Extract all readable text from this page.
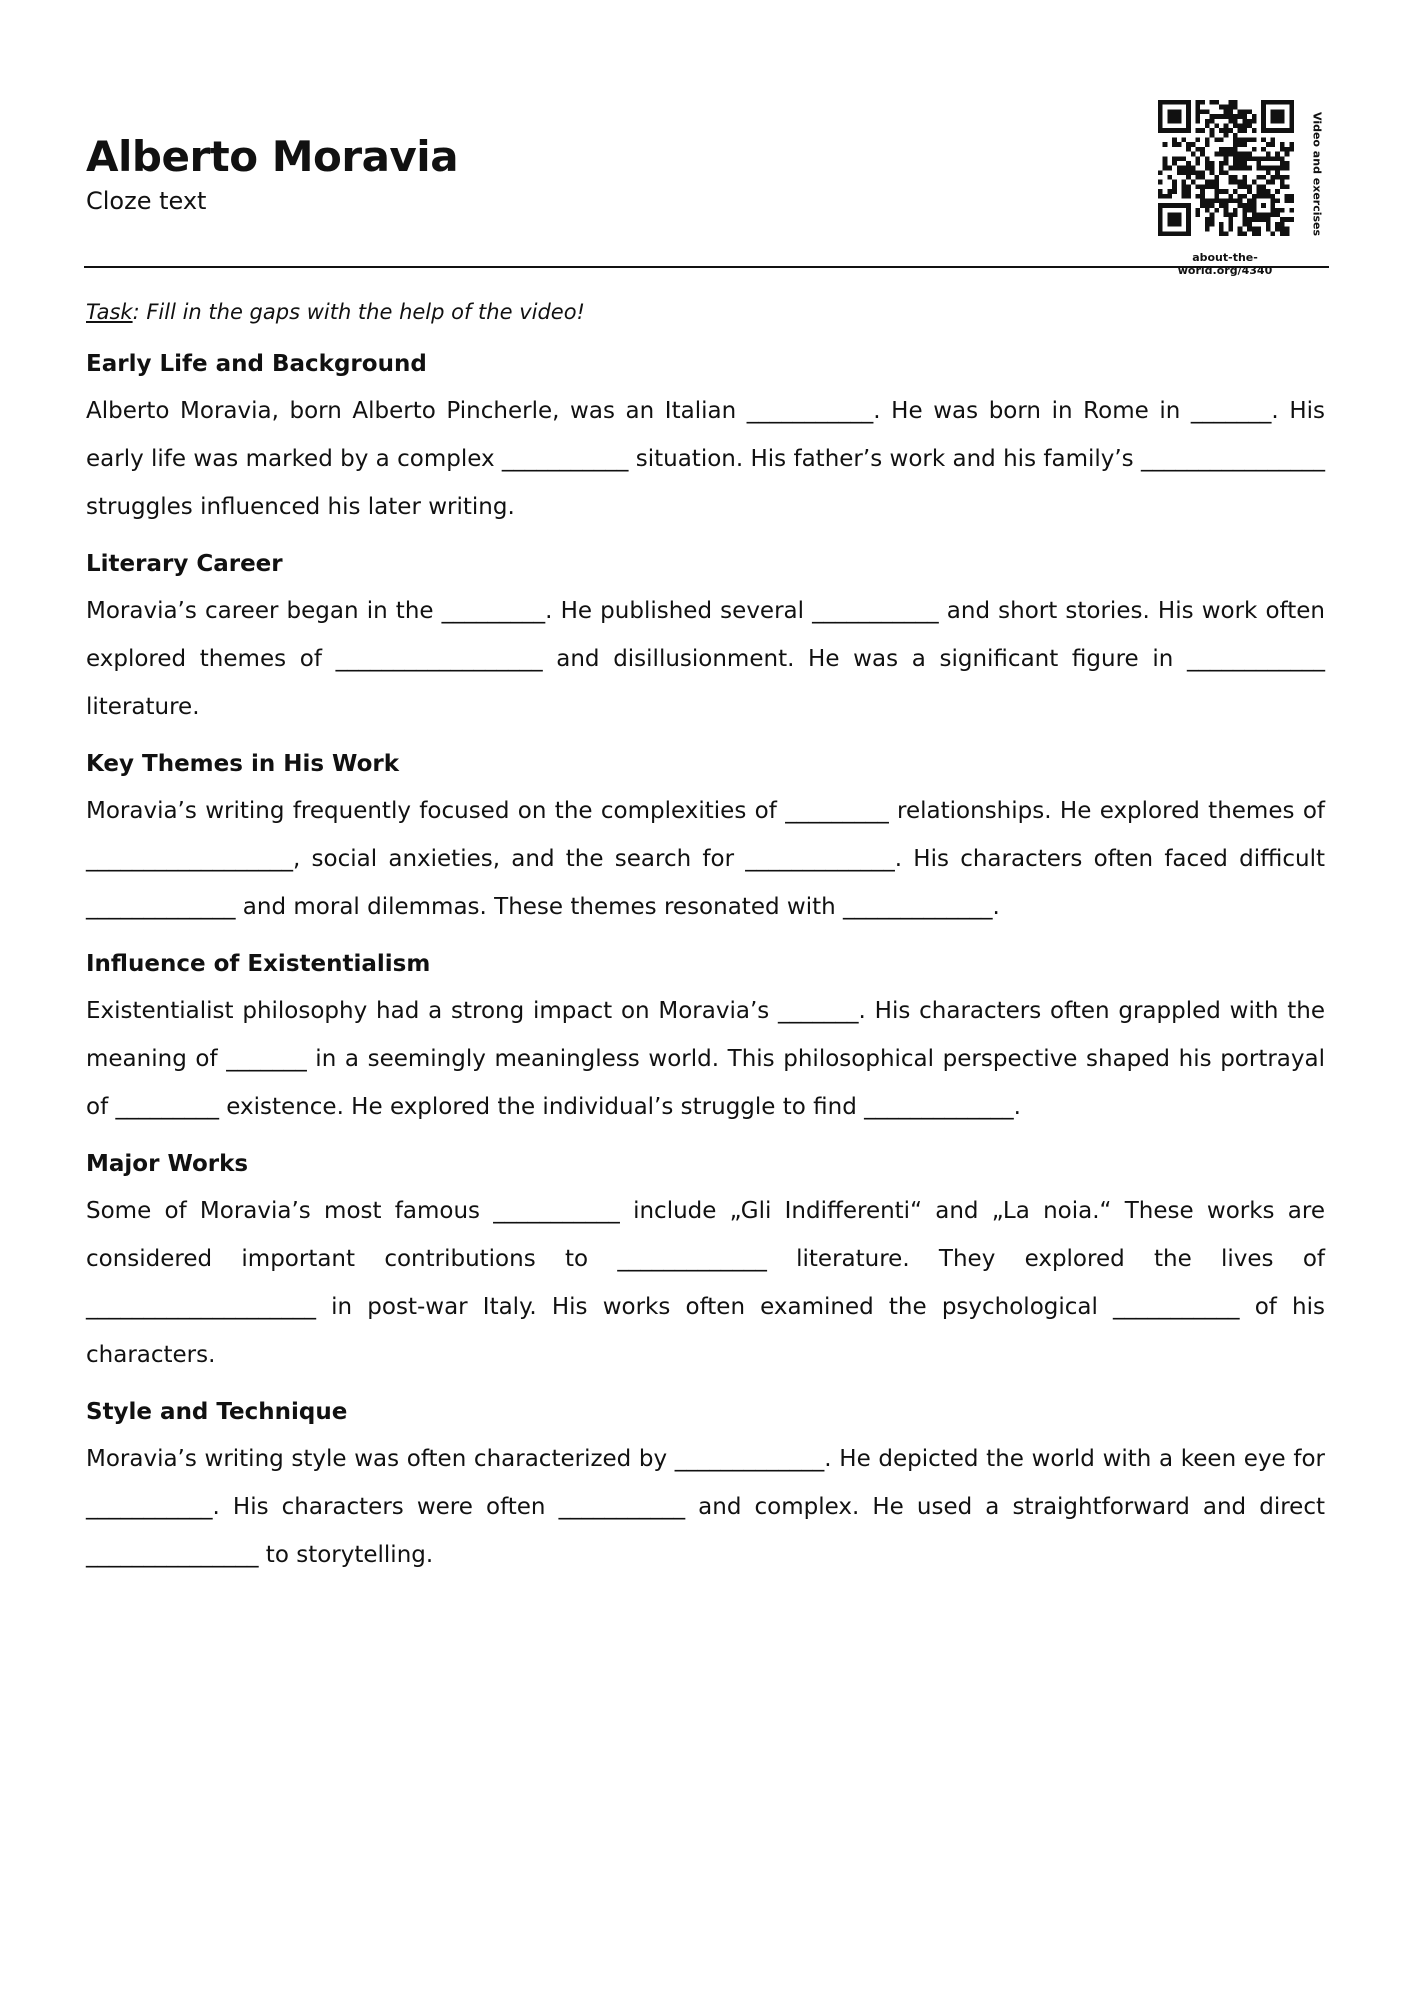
Alberto Moravia
Cloze text	Video and exercises
about-the-world.org/4340

Task: Fill in the gaps with the help of the video!

Early Life and Background

Alberto Moravia, born Alberto Pincherle, was an Italian ___________. He was born in Rome in _______. His early life was marked by a complex ___________ situation. His father’s work and his family’s ________________ struggles influenced his later writing.

Literary Career

Moravia’s career began in the _________. He published several ___________ and short stories. His work often explored themes of __________________ and disillusionment. He was a significant figure in ____________ literature.

Key Themes in His Work

Moravia’s writing frequently focused on the complexities of _________ relationships. He explored themes of __________________, social anxieties, and the search for _____________. His characters often faced difficult _____________ and moral dilemmas. These themes resonated with _____________.

Influence of Existentialism

Existentialist philosophy had a strong impact on Moravia’s _______. His characters often grappled with the meaning of _______ in a seemingly meaningless world. This philosophical perspective shaped his portrayal of _________ existence. He explored the individual’s struggle to find _____________.

Major Works

Some of Moravia’s most famous ___________ include „Gli Indifferenti“ and „La noia.“ These works are considered important contributions to _____________ literature. They explored the lives of ____________________ in post-war Italy. His works often examined the psychological ___________ of his characters.

Style and Technique

Moravia’s writing style was often characterized by _____________. He depicted the world with a keen eye for ___________. His characters were often ___________ and complex. He used a straightforward and direct _______________ to storytelling.
